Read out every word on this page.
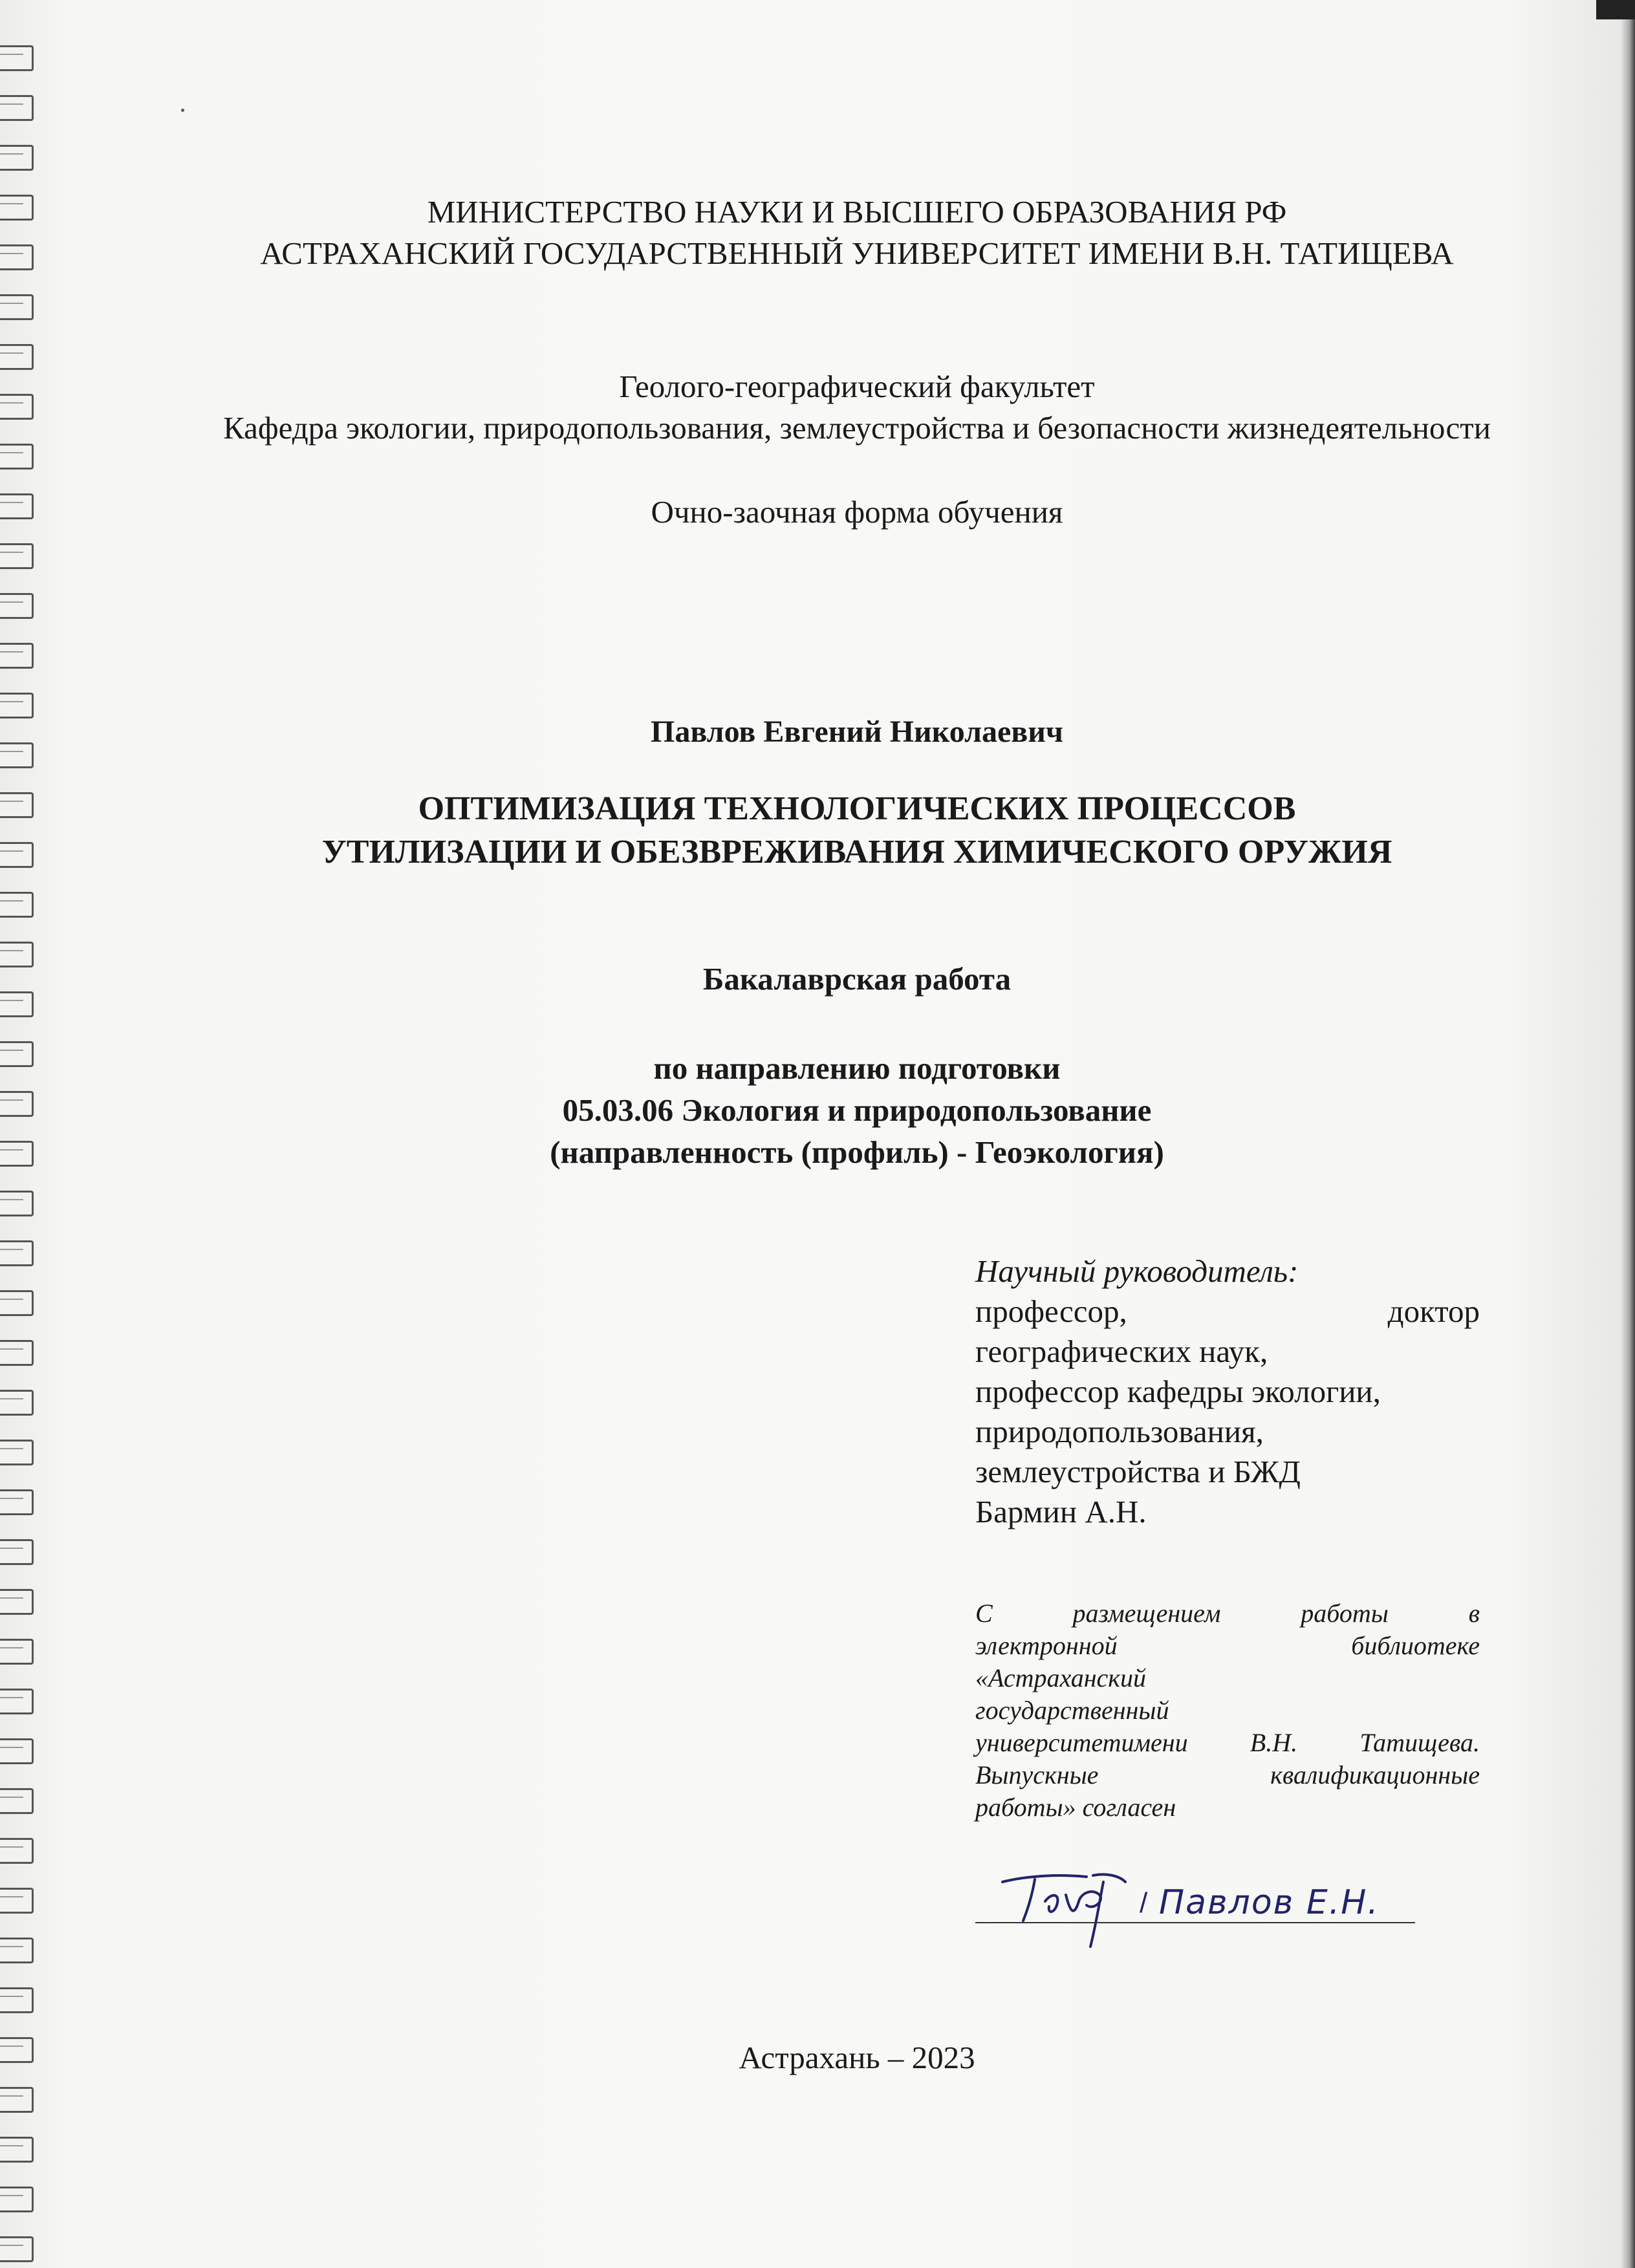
МИНИСТЕРСТВО НАУКИ И ВЫСШЕГО ОБРАЗОВАНИЯ РФ
АСТРАХАНСКИЙ ГОСУДАРСТВЕННЫЙ УНИВЕРСИТЕТ ИМЕНИ В.Н. ТАТИЩЕВА
Геолого-географический факультет
Кафедра экологии, природопользования, землеустройства и безопасности жизнедеятельности
Очно-заочная форма обучения
Павлов Евгений Николаевич
ОПТИМИЗАЦИЯ ТЕХНОЛОГИЧЕСКИХ ПРОЦЕССОВ
УТИЛИЗАЦИИ И ОБЕЗВРЕЖИВАНИЯ ХИМИЧЕСКОГО ОРУЖИЯ
Бакалаврская работа
по направлению подготовки
05.03.06 Экология и природопользование
(направленность (профиль) - Геоэкология)
Научный руководитель:
профессор,	доктор
географических наук,
профессор кафедры экологии,
природопользования,
землеустройства и БЖД
Бармин А.Н.
С	размещением	работы	в
электронной	библиотеке
«Астраханский
государственный
университетимени В.Н. Татищева.
Выпускные	квалификационные
работы» согласен
/ Павлов Е.Н.
Астрахань – 2023
